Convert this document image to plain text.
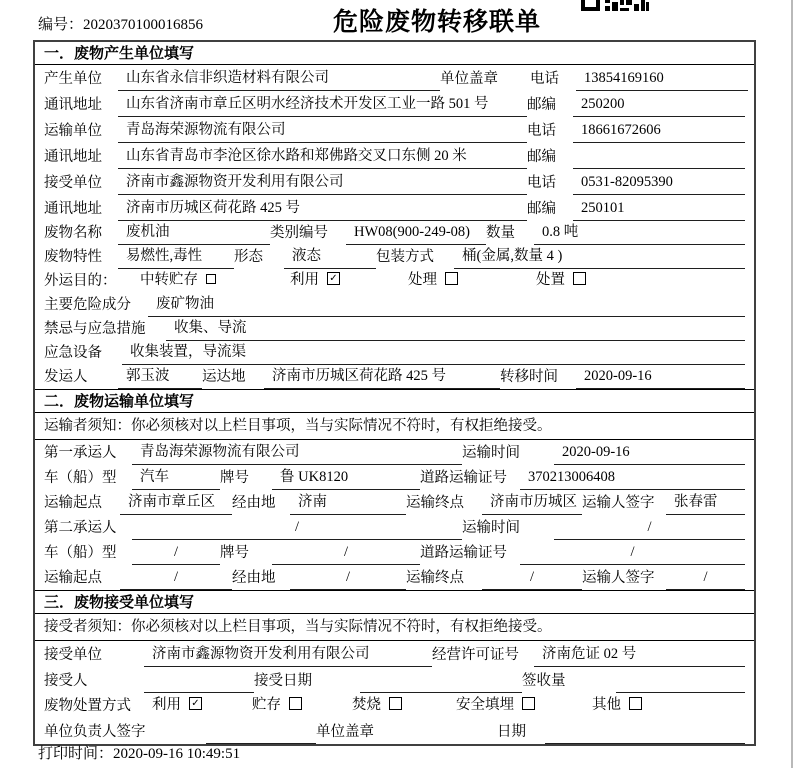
编号：2020370100016856	危险废物转移联单
一．废物产生单位填写
产生单位	山东省永信非织造材料有限公司	单位盖章	电话	13854169160
通讯地址	山东省济南市章丘区明水经济技术开发区工业一路 501 号	邮编	250200
运输单位	青岛海荣源物流有限公司	电话	18661672606
通讯地址	山东省青岛市李沧区徐水路和郑佛路交叉口东侧 20 米	邮编
接受单位	济南市鑫源物资开发利用有限公司	电话	0531-82095390
通讯地址	济南市历城区荷花路 425 号	邮编	250101
废物名称	废机油	类别编号	HW08(900-249-08)	数量	0.8 吨
废物特性	易燃性,毒性	形态	液态	包装方式	桶(金属,数量 4 )
外运目的：	中转贮存	利用 ✓	处理	处置
主要危险成分	废矿物油
禁忌与应急措施	收集、导流
应急设备	收集装置，导流渠
发运人	郭玉波	运达地	济南市历城区荷花路 425 号	转移时间	2020-09-16
二．废物运输单位填写
运输者须知：你必须核对以上栏目事项，当与实际情况不符时，有权拒绝接受。
第一承运人	青岛海荣源物流有限公司	运输时间	2020-09-16
车（船）型	汽车	牌号	鲁 UK8120	道路运输证号	370213006408
运输起点	济南市章丘区	经由地	济南	运输终点	济南市历城区 运输人签字	张春雷
第二承运人	/	运输时间	/
车（船）型	/	牌号	/	道路运输证号	/
运输起点	/	经由地	/	运输终点	/	运输人签字	/
三．废物接受单位填写
接受者须知：你必须核对以上栏目事项，当与实际情况不符时，有权拒绝接受。
接受单位	济南市鑫源物资开发利用有限公司	经营许可证号	济南危证 02 号
接受人	接受日期	签收量
废物处置方式	利用 ✓	贮存	焚烧	安全填埋	其他
单位负责人签字	单位盖章	日期
打印时间：2020-09-16 10:49:51
